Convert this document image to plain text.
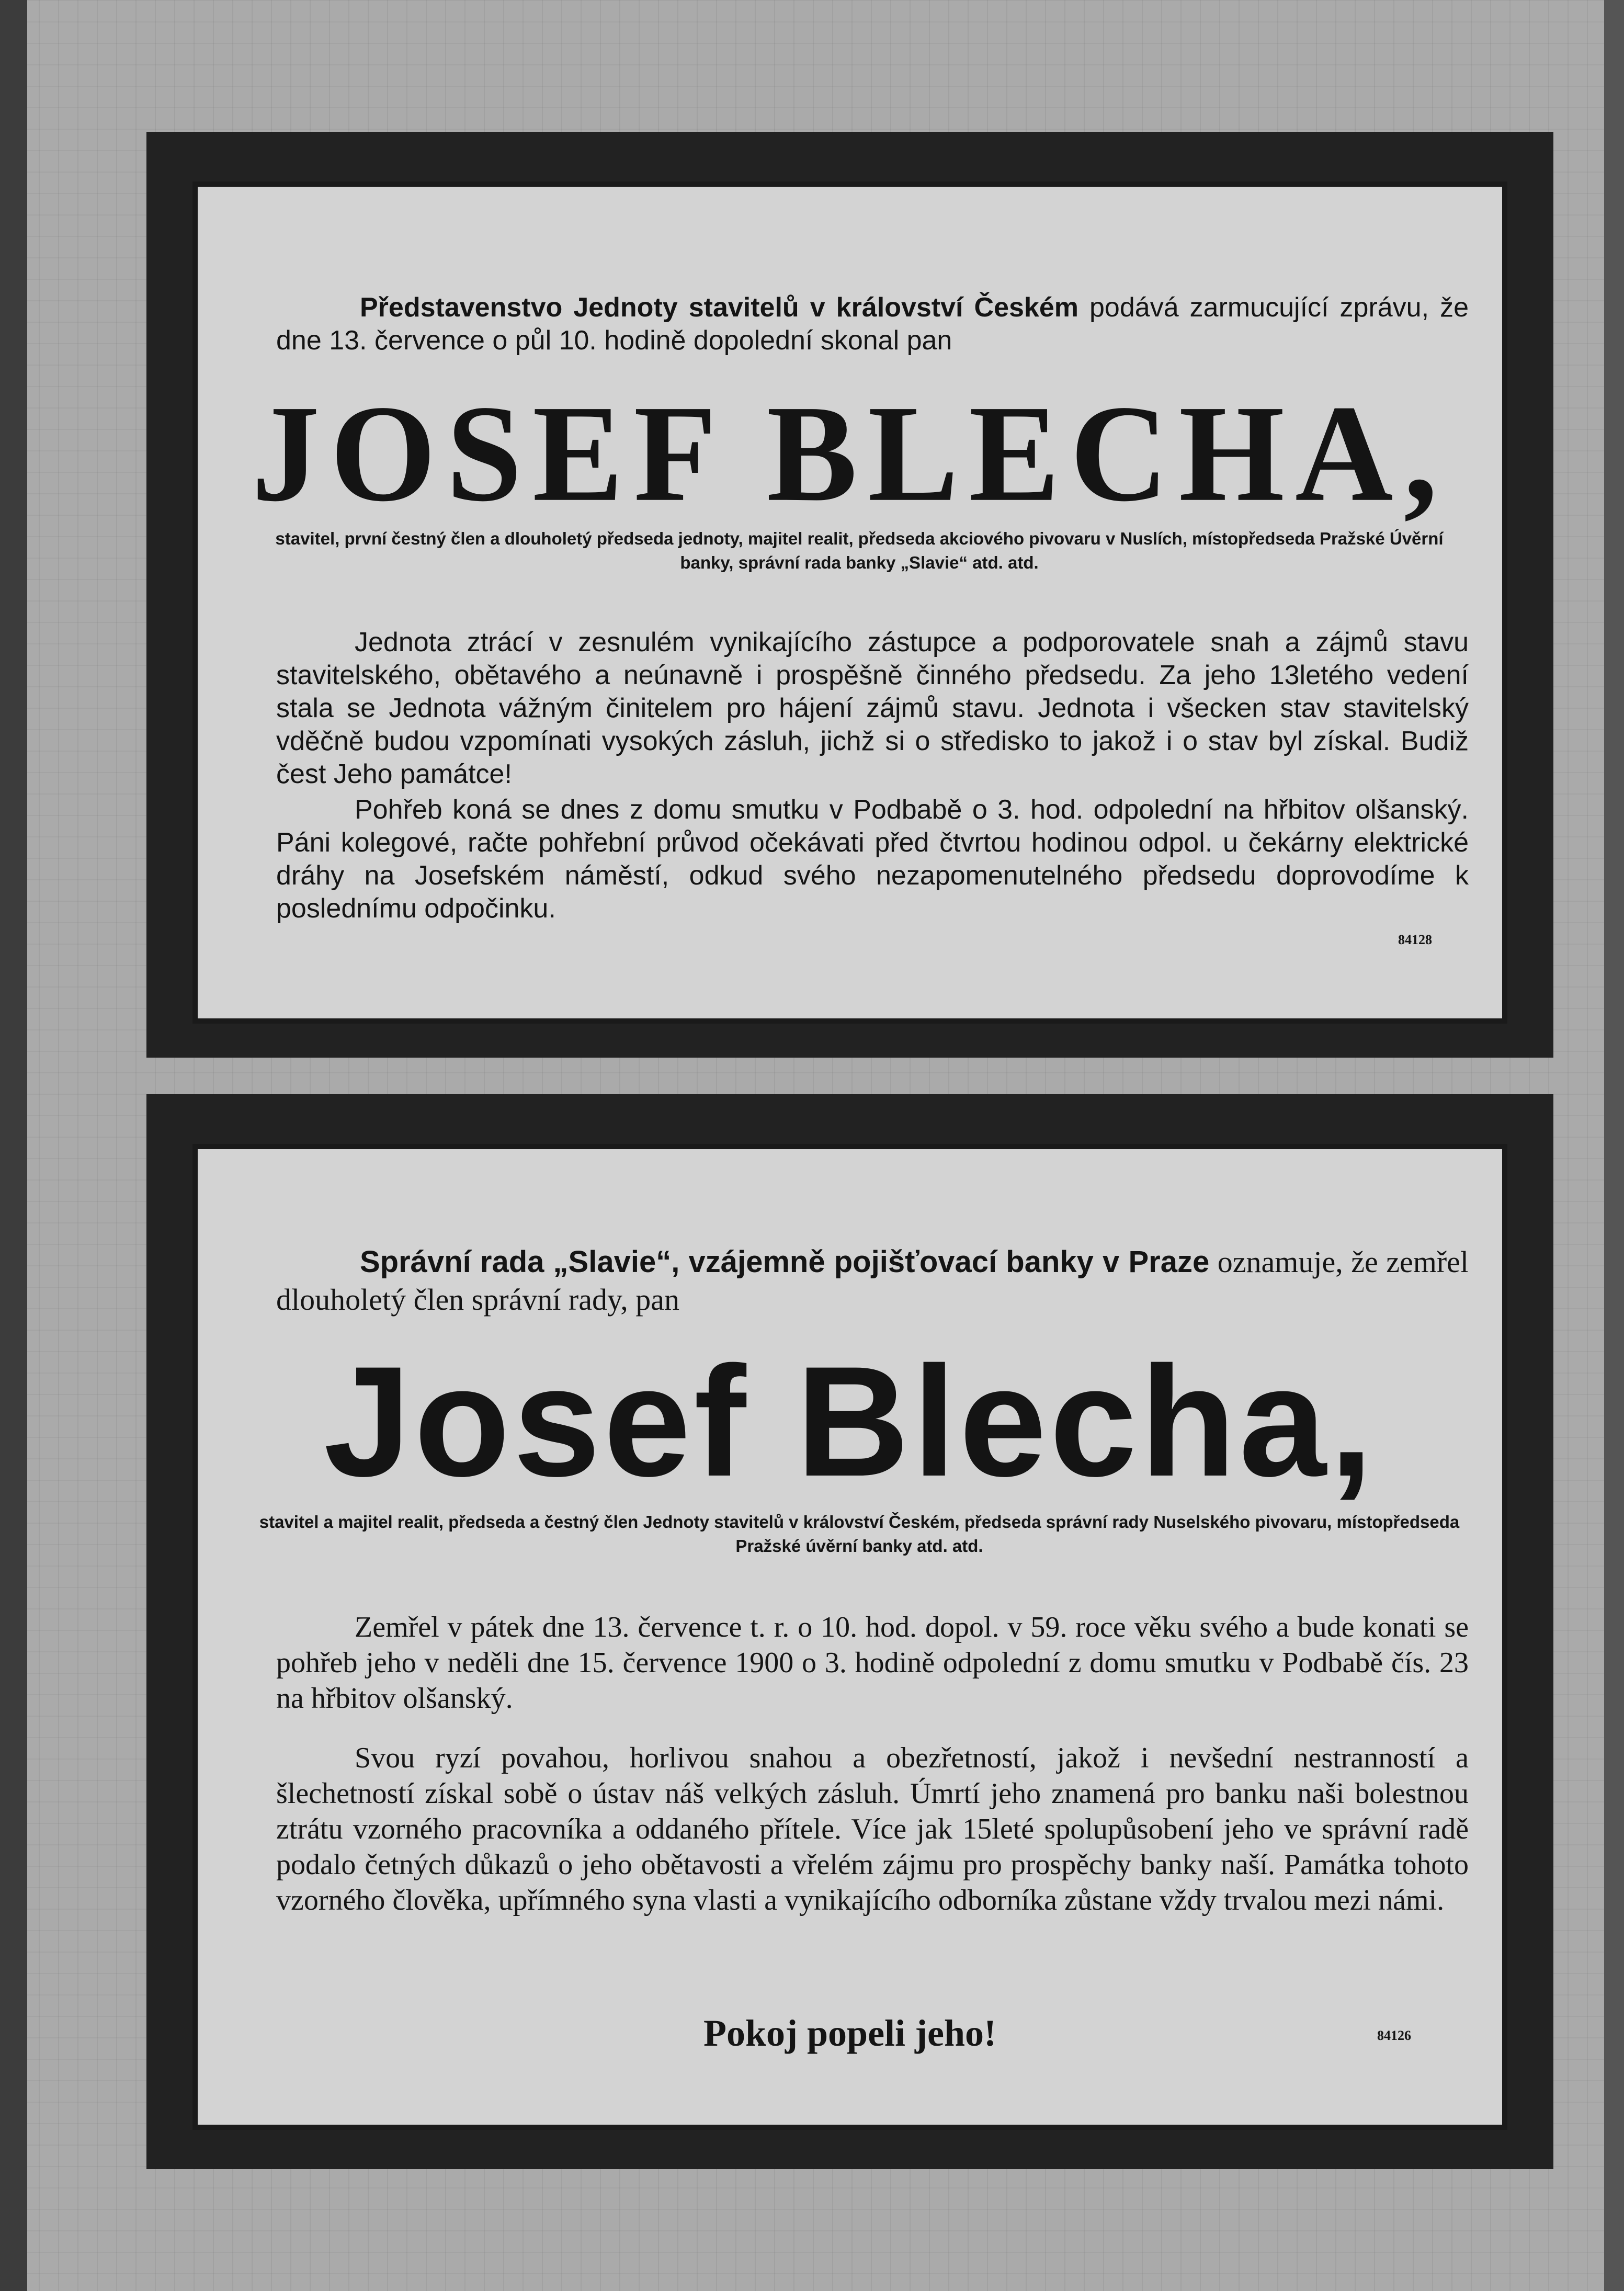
Představenstvo Jednoty stavitelů v království Českém podává zarmucující zprávu, že dne 13. července o půl 10. hodině dopolední skonal pan

JOSEF BLECHA,

stavitel, první čestný člen a dlouholetý předseda jednoty, majitel realit, předseda akciového pivovaru v Nuslích, místopředseda Pražské Úvěrní banky, správní rada banky „Slavie“ atd. atd.

Jednota ztrácí v zesnulém vynikajícího zástupce a podporovatele snah a zájmů stavu stavitelského, obětavého a neúnavně i prospěšně činného předsedu. Za jeho 13letého vedení stala se Jednota vážným činitelem pro hájení zájmů stavu. Jednota i všecken stav stavitelský vděčně budou vzpomínati vysokých zásluh, jichž si o středisko to jakož i o stav byl získal. Budiž čest Jeho památce!

Pohřeb koná se dnes z domu smutku v Podbabě o 3. hod. odpolední na hřbitov olšanský. Páni kolegové, račte pohřební průvod očekávati před čtvrtou hodinou odpol. u čekárny elektrické dráhy na Josefském náměstí, odkud svého nezapomenutelného předsedu doprovodíme k poslednímu odpočinku.

84128

Správní rada „Slavie“, vzájemně pojišťovací banky v Praze oznamuje, že zemřel dlouholetý člen správní rady, pan

Josef Blecha,

stavitel a majitel realit, předseda a čestný člen Jednoty stavitelů v království Českém, předseda správní rady Nuselského pivovaru, místopředseda Pražské úvěrní banky atd. atd.

Zemřel v pátek dne 13. července t. r. o 10. hod. dopol. v 59. roce věku svého a bude konati se pohřeb jeho v neděli dne 15. července 1900 o 3. hodině odpolední z domu smutku v Podbabě čís. 23 na hřbitov olšanský.

Svou ryzí povahou, horlivou snahou a obezřetností, jakož i nevšední nestranností a šlechetností získal sobě o ústav náš velkých zásluh. Úmrtí jeho znamená pro banku naši bolestnou ztrátu vzorného pracovníka a oddaného přítele. Více jak 15leté spolupůsobení jeho ve správní radě podalo četných důkazů o jeho obětavosti a vřelém zájmu pro prospěchy banky naší. Památka tohoto vzorného člověka, upřímného syna vlasti a vynikajícího odborníka zůstane vždy trvalou mezi námi.

Pokoj popeli jeho!	84126
